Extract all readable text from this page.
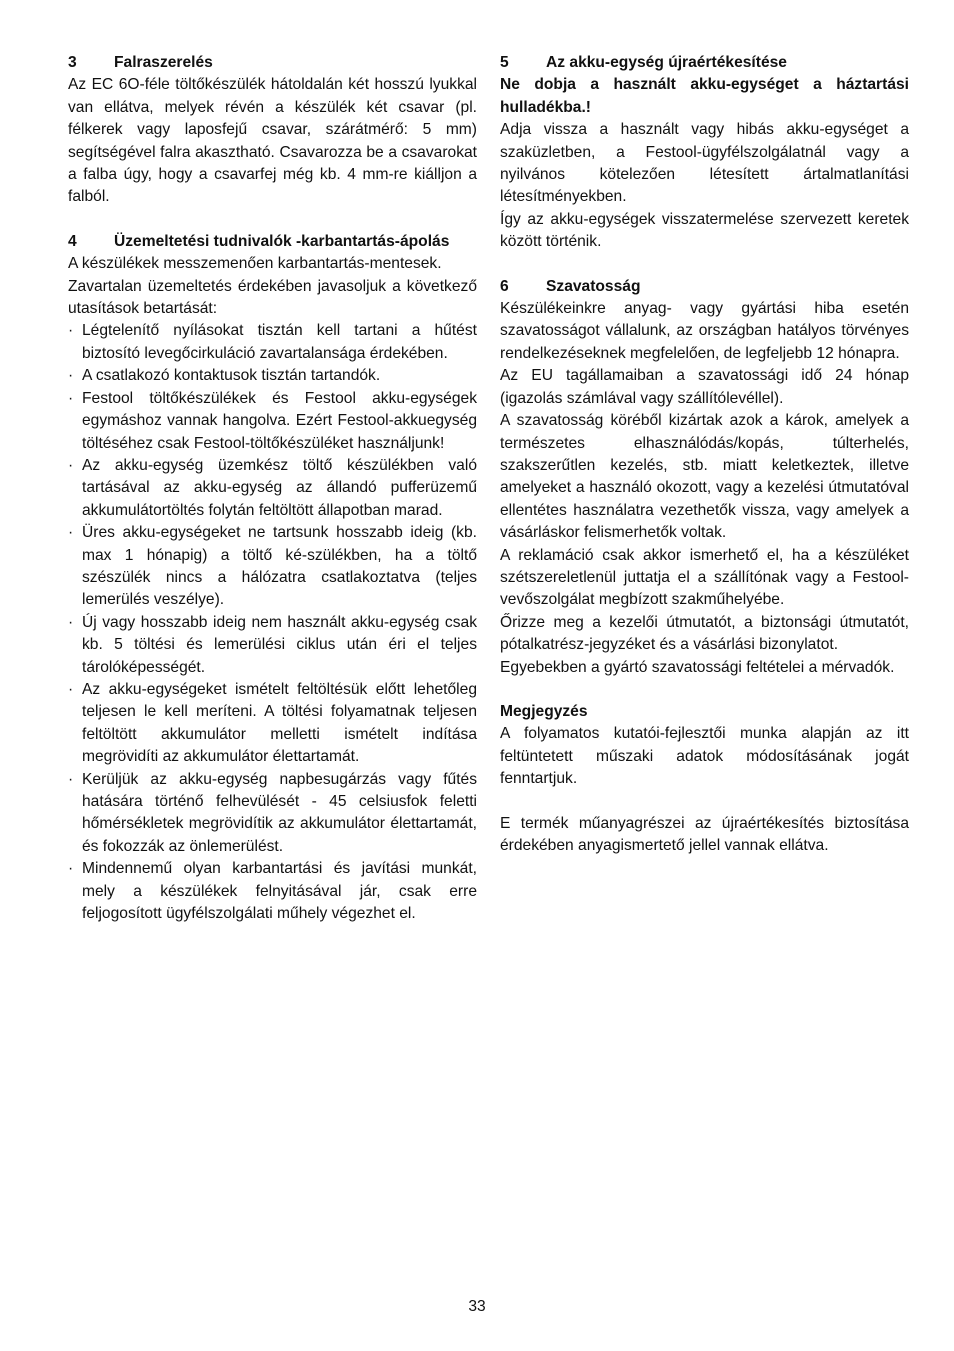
3	Falraszerelés

Az EC 6O-féle töltőkészülék hátoldalán két hosszú lyukkal van ellátva, melyek révén a készülék két csavar (pl. félkerek vagy laposfejű csavar, szárátmérő: 5 mm) segítségével falra akasztható. Csavarozza be a csavarokat a falba úgy, hogy a csavarfej még kb. 4 mm-re kiálljon a falból.

4	Üzemeltetési tudnivalók -karbantartás-ápolás

A készülékek messzemenően karbantartás-mentesek.

Zavartalan üzemeltetés érdekében javasoljuk a következő utasítások betartását:

· Légtelenítő nyílásokat tisztán kell tartani a hűtést biztosító levegőcirkuláció zavartalansága érdekében.
· A csatlakozó kontaktusok tisztán tartandók.
· Festool töltőkészülékek és Festool akku-egységek egymáshoz vannak hangolva. Ezért Festool-akkuegység töltéséhez csak Festool-töltőkészüléket használjunk!
· Az akku-egység üzemkész töltő készülékben való tartásával az akku-egység az állandó pufferüzemű akkumulátortöltés folytán feltöltött állapotban marad.
· Üres akku-egységeket ne tartsunk hosszabb ideig (kb. max 1 hónapig) a töltő ké-szülékben, ha a töltő szészülék nincs a hálózatra csatlakoztatva (teljes lemerülés veszélye).
· Új vagy hosszabb ideig nem használt akku-egység csak kb. 5 töltési és lemerülési ciklus után éri el teljes tárolóképességét.
· Az akku-egységeket ismételt feltöltésük előtt lehetőleg teljesen le kell meríteni. A töltési folyamatnak teljesen feltöltött akkumulátor melletti ismételt indítása megrövidíti az akkumulátor élettartamát.
· Kerüljük az akku-egység napbesugárzás vagy fűtés hatására történő felhevülését - 45 celsiusfok feletti hőmérsékletek megrövidítik az akkumulátor élettartamát, és fokozzák az önlemerülést.
· Mindennemű olyan karbantartási és javítási munkát, mely a készülékek felnyitásával jár, csak erre feljogosított ügyfélszolgálati műhely végezhet el.
5	Az akku-egység újraértékesítése

Ne dobja a használt akku-egységet a háztartási hulladékba.!

Adja vissza a használt vagy hibás akku-egységet a szaküzletben, a Festool-ügyfélszolgálatnál vagy a nyilvános kötelezően létesített ártalmatlanítási létesítményekben.

Így az akku-egységek visszatermelése szervezett keretek között történik.

6	Szavatosság

Készülékeinkre anyag- vagy gyártási hiba esetén szavatosságot vállalunk, az országban hatályos törvényes rendelkezéseknek megfelelően, de legfeljebb 12 hónapra.

Az EU tagállamaiban a szavatossági idő 24 hónap (igazolás számlával vagy szállítólevéllel).

A szavatosság köréből kizártak azok a károk, amelyek a természetes elhasználódás/kopás, túlterhelés, szakszerűtlen kezelés, stb. miatt keletkeztek, illetve amelyeket a használó okozott, vagy a kezelési útmutatóval ellentétes használatra vezethetők vissza, vagy amelyek a vásárláskor felismerhetők voltak.

A reklamáció csak akkor ismerhető el, ha a készüléket szétszereletlenül juttatja el a szállítónak vagy a Festool-vevőszolgálat megbízott szakműhelyébe.

Őrizze meg a kezelői útmutatót, a biztonsági útmutatót, pótalkatrész-jegyzéket és a vásárlási bizonylatot.

Egyebekben a gyártó szavatossági feltételei a mérvadók.

Megjegyzés

A folyamatos kutatói-fejlesztői munka alapján az itt feltüntetett műszaki adatok módosításának jogát fenntartjuk.

E termék műanyagrészei az újraértékesítés biztosítása érdekében anyagismertető jellel vannak ellátva.

33
